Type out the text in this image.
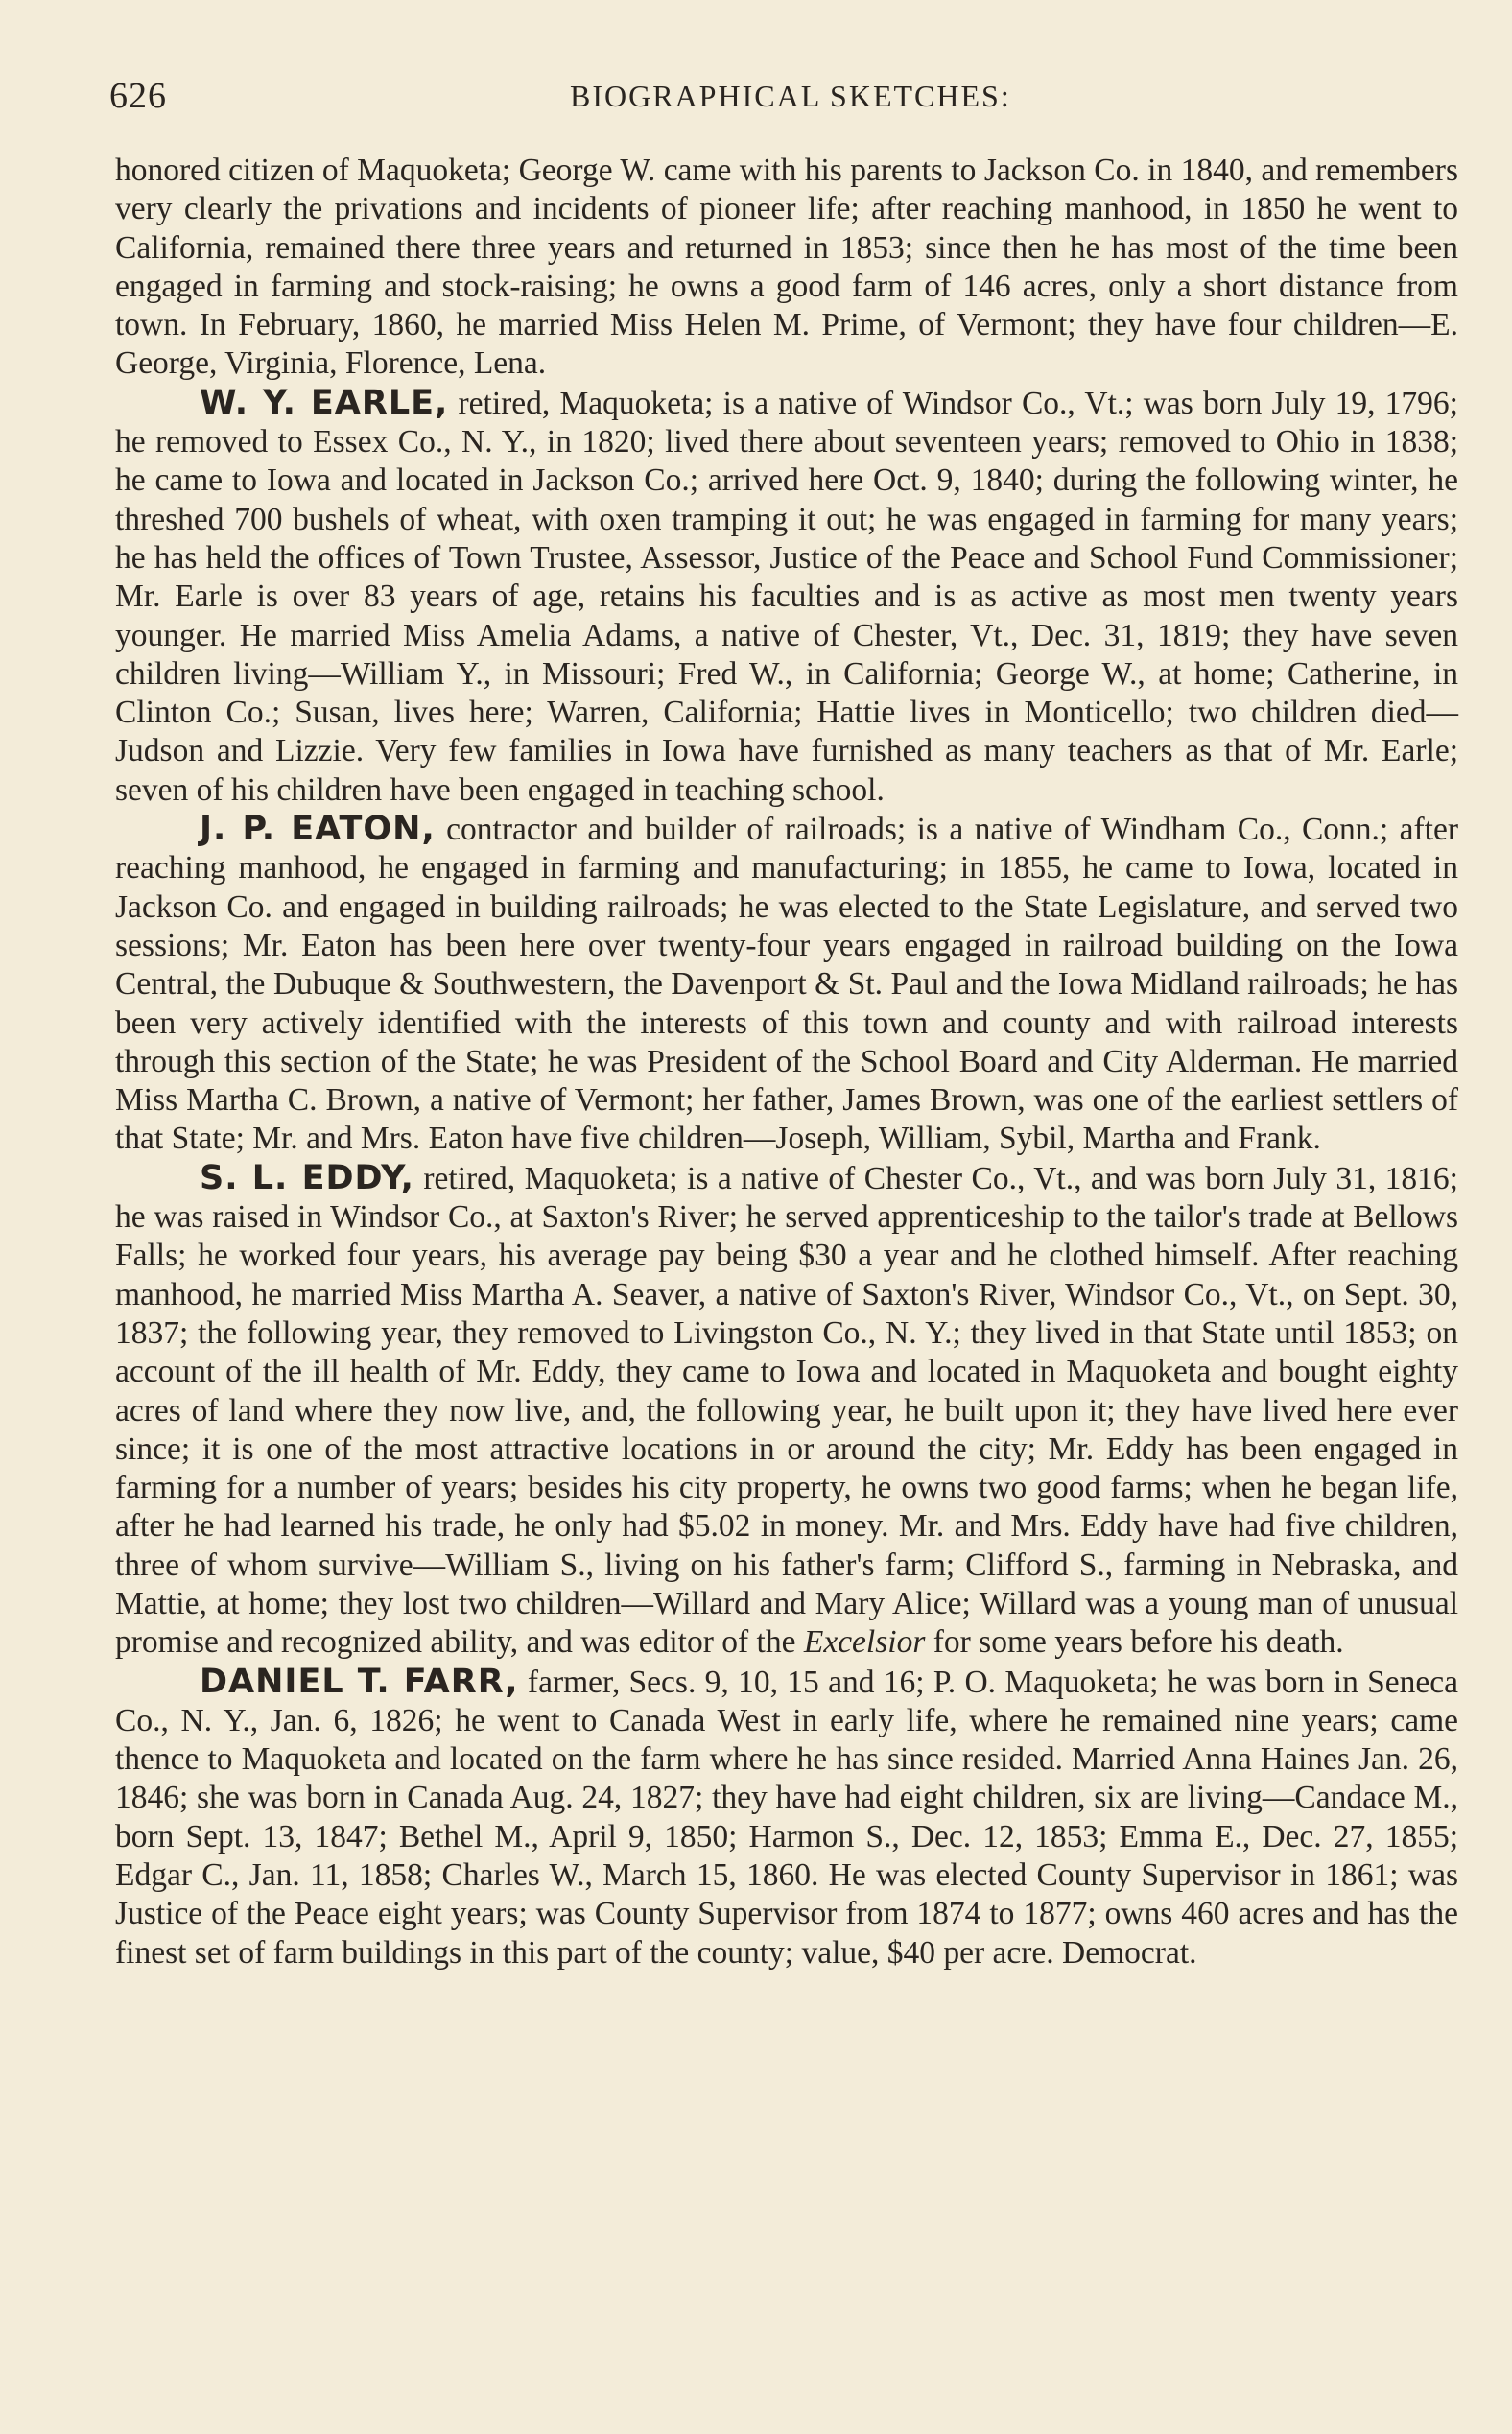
626	BIOGRAPHICAL SKETCHES:

honored citizen of Maquoketa; George W. came with his parents to Jackson Co. in 1840, and remembers very clearly the privations and incidents of pioneer life; after reaching manhood, in 1850 he went to California, remained there three years and returned in 1853; since then he has most of the time been engaged in farming and stock-raising; he owns a good farm of 146 acres, only a short distance from town. In February, 1860, he married Miss Helen M. Prime, of Vermont; they have four children—E. George, Virginia, Florence, Lena.

W. Y. EARLE, retired, Maquoketa; is a native of Windsor Co., Vt.; was born July 19, 1796; he removed to Essex Co., N. Y., in 1820; lived there about seventeen years; removed to Ohio in 1838; he came to Iowa and located in Jackson Co.; arrived here Oct. 9, 1840; during the following winter, he threshed 700 bushels of wheat, with oxen tramping it out; he was engaged in farming for many years; he has held the offices of Town Trustee, Assessor, Justice of the Peace and School Fund Commissioner; Mr. Earle is over 83 years of age, retains his faculties and is as active as most men twenty years younger. He married Miss Amelia Adams, a native of Chester, Vt., Dec. 31, 1819; they have seven children living—William Y., in Missouri; Fred W., in California; George W., at home; Catherine, in Clinton Co.; Susan, lives here; Warren, California; Hattie lives in Monticello; two children died—Judson and Lizzie. Very few families in Iowa have furnished as many teachers as that of Mr. Earle; seven of his children have been engaged in teaching school.

J. P. EATON, contractor and builder of railroads; is a native of Windham Co., Conn.; after reaching manhood, he engaged in farming and manufacturing; in 1855, he came to Iowa, located in Jackson Co. and engaged in building railroads; he was elected to the State Legislature, and served two sessions; Mr. Eaton has been here over twenty-four years engaged in railroad building on the Iowa Central, the Dubuque & Southwestern, the Davenport & St. Paul and the Iowa Midland railroads; he has been very actively identified with the interests of this town and county and with railroad interests through this section of the State; he was President of the School Board and City Alderman. He married Miss Martha C. Brown, a native of Vermont; her father, James Brown, was one of the earliest settlers of that State; Mr. and Mrs. Eaton have five children—Joseph, William, Sybil, Martha and Frank.

S. L. EDDY, retired, Maquoketa; is a native of Chester Co., Vt., and was born July 31, 1816; he was raised in Windsor Co., at Saxton's River; he served apprenticeship to the tailor's trade at Bellows Falls; he worked four years, his average pay being $30 a year and he clothed himself. After reaching manhood, he married Miss Martha A. Seaver, a native of Saxton's River, Windsor Co., Vt., on Sept. 30, 1837; the following year, they removed to Livingston Co., N. Y.; they lived in that State until 1853; on account of the ill health of Mr. Eddy, they came to Iowa and located in Maquoketa and bought eighty acres of land where they now live, and, the following year, he built upon it; they have lived here ever since; it is one of the most attractive locations in or around the city; Mr. Eddy has been engaged in farming for a number of years; besides his city property, he owns two good farms; when he began life, after he had learned his trade, he only had $5.02 in money. Mr. and Mrs. Eddy have had five children, three of whom survive—William S., living on his father's farm; Clifford S., farming in Nebraska, and Mattie, at home; they lost two children—Willard and Mary Alice; Willard was a young man of unusual promise and recognized ability, and was editor of the Excelsior for some years before his death.

DANIEL T. FARR, farmer, Secs. 9, 10, 15 and 16; P. O. Maquoketa; he was born in Seneca Co., N. Y., Jan. 6, 1826; he went to Canada West in early life, where he remained nine years; came thence to Maquoketa and located on the farm where he has since resided. Married Anna Haines Jan. 26, 1846; she was born in Canada Aug. 24, 1827; they have had eight children, six are living—Candace M., born Sept. 13, 1847; Bethel M., April 9, 1850; Harmon S., Dec. 12, 1853; Emma E., Dec. 27, 1855; Edgar C., Jan. 11, 1858; Charles W., March 15, 1860. He was elected County Supervisor in 1861; was Justice of the Peace eight years; was County Supervisor from 1874 to 1877; owns 460 acres and has the finest set of farm buildings in this part of the county; value, $40 per acre. Democrat.
